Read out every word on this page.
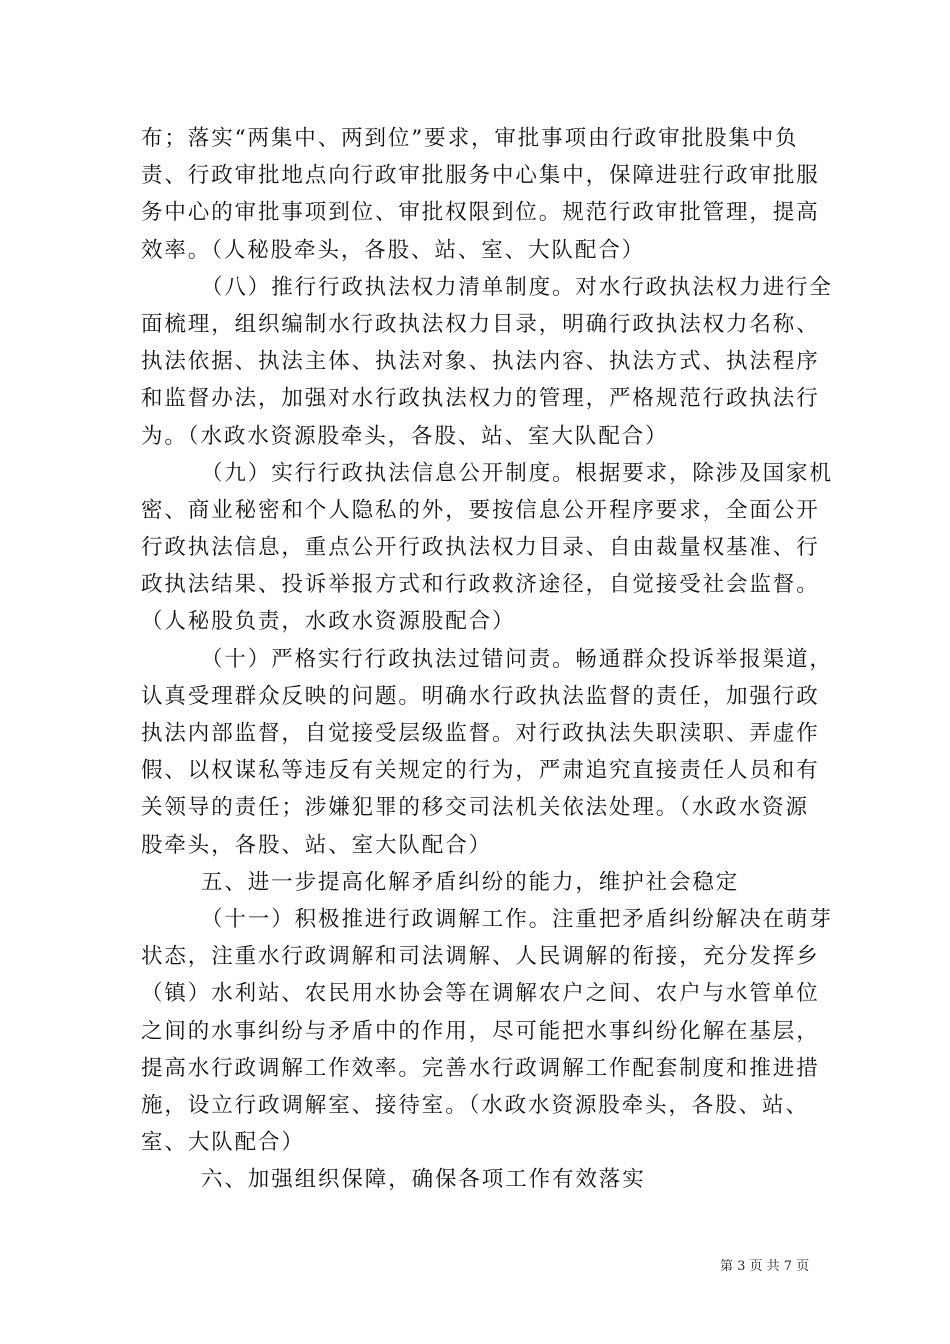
布；落实“两集中、两到位”要求，审批事项由行政审批股集中负
责、行政审批地点向行政审批服务中心集中，保障进驻行政审批服
务中心的审批事项到位、审批权限到位。规范行政审批管理，提高
效率。（人秘股牵头，各股、站、室、大队配合）
（八）推行行政执法权力清单制度。对水行政执法权力进行全
面梳理，组织编制水行政执法权力目录，明确行政执法权力名称、
执法依据、执法主体、执法对象、执法内容、执法方式、执法程序
和监督办法，加强对水行政执法权力的管理，严格规范行政执法行
为。（水政水资源股牵头，各股、站、室大队配合）
（九）实行行政执法信息公开制度。根据要求，除涉及国家机
密、商业秘密和个人隐私的外，要按信息公开程序要求，全面公开
行政执法信息，重点公开行政执法权力目录、自由裁量权基准、行
政执法结果、投诉举报方式和行政救济途径，自觉接受社会监督。
（人秘股负责，水政水资源股配合）
（十）严格实行行政执法过错问责。畅通群众投诉举报渠道，
认真受理群众反映的问题。明确水行政执法监督的责任，加强行政
执法内部监督，自觉接受层级监督。对行政执法失职渎职、弄虚作
假、以权谋私等违反有关规定的行为，严肃追究直接责任人员和有
关领导的责任；涉嫌犯罪的移交司法机关依法处理。（水政水资源
股牵头，各股、站、室大队配合）
五、进一步提高化解矛盾纠纷的能力，维护社会稳定
（十一）积极推进行政调解工作。注重把矛盾纠纷解决在萌芽
状态，注重水行政调解和司法调解、人民调解的衔接，充分发挥乡
（镇）水利站、农民用水协会等在调解农户之间、农户与水管单位
之间的水事纠纷与矛盾中的作用，尽可能把水事纠纷化解在基层，
提高水行政调解工作效率。完善水行政调解工作配套制度和推进措
施，设立行政调解室、接待室。（水政水资源股牵头，各股、站、
室、大队配合）
六、加强组织保障，确保各项工作有效落实
第 3 页 共 7 页
